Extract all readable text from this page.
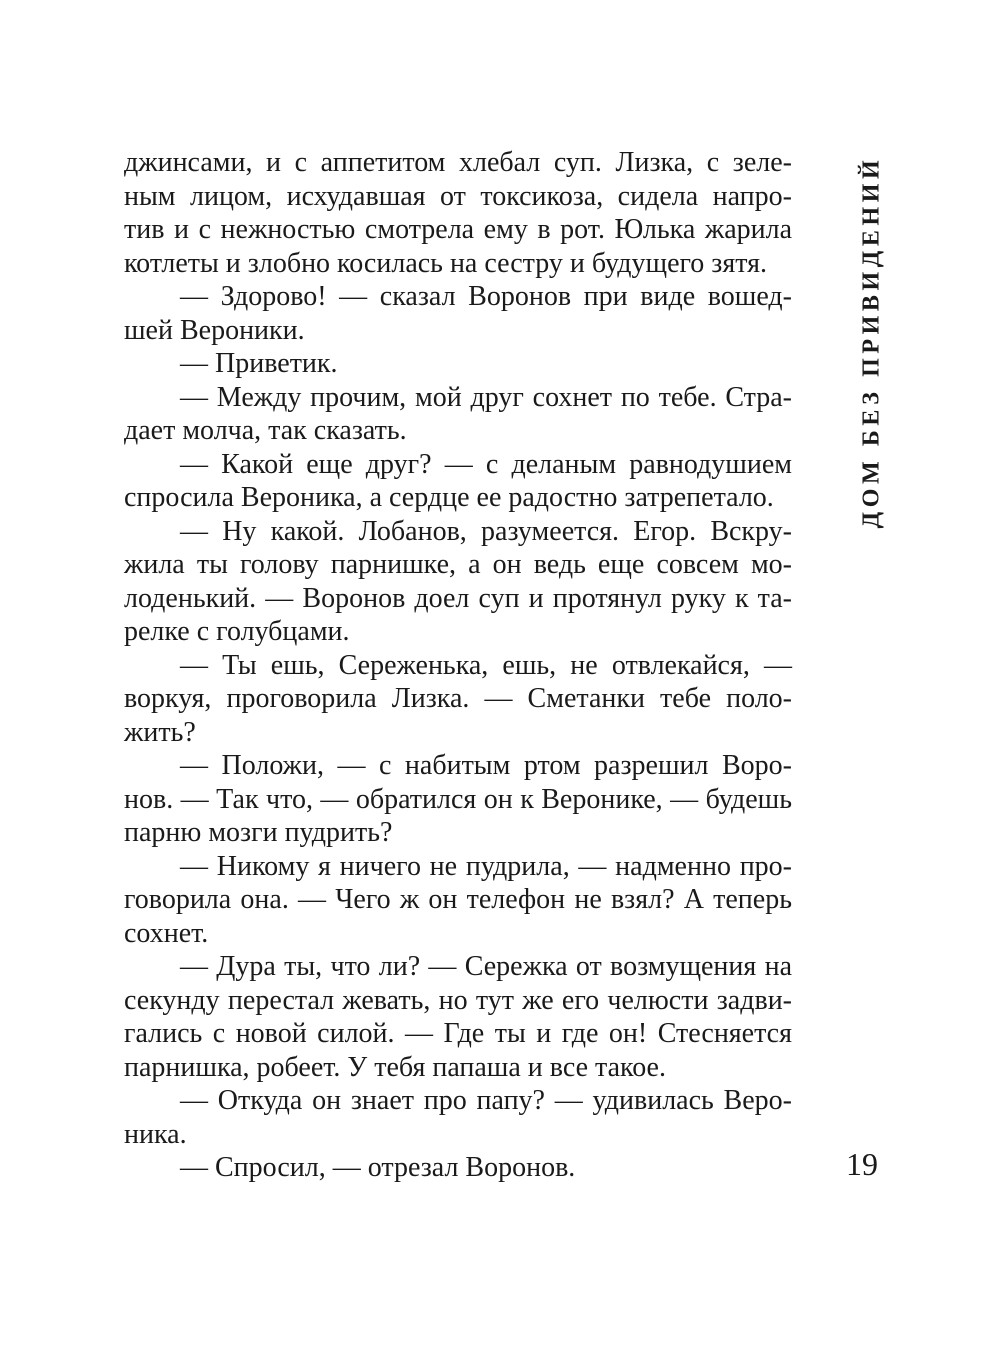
джинсами, и с аппетитом хлебал суп. Лизка, с зеле-
ным лицом, исхудавшая от токсикоза, сидела напро-
тив и с нежностью смотрела ему в рот. Юлька жарила
котлеты и злобно косилась на сестру и будущего зятя.
— Здорово! — сказал Воронов при виде вошед-
шей Вероники.
— Приветик.
— Между прочим, мой друг сохнет по тебе. Стра-
дает молча, так сказать.
— Какой еще друг? — с деланым равнодушием
спросила Вероника, а сердце ее радостно затрепетало.
— Ну какой. Лобанов, разумеется. Егор. Вскру-
жила ты голову парнишке, а он ведь еще совсем мо-
лоденький. — Воронов доел суп и протянул руку к та-
релке с голубцами.
— Ты ешь, Сереженька, ешь, не отвлекайся, —
воркуя, проговорила Лизка. — Сметанки тебе поло-
жить?
— Положи, — с набитым ртом разрешил Воро-
нов. — Так что, — обратился он к Веронике, — будешь
парню мозги пудрить?
— Никому я ничего не пудрила, — надменно про-
говорила она. — Чего ж он телефон не взял? А теперь
сохнет.
— Дура ты, что ли? — Сережка от возмущения на
секунду перестал жевать, но тут же его челюсти задви-
гались с новой силой. — Где ты и где он! Стесняется
парнишка, робеет. У тебя папаша и все такое.
— Откуда он знает про папу? — удивилась Веро-
ника.
— Спросил, — отрезал Воронов.
ДОМ БЕЗ ПРИВИДЕНИЙ
19
